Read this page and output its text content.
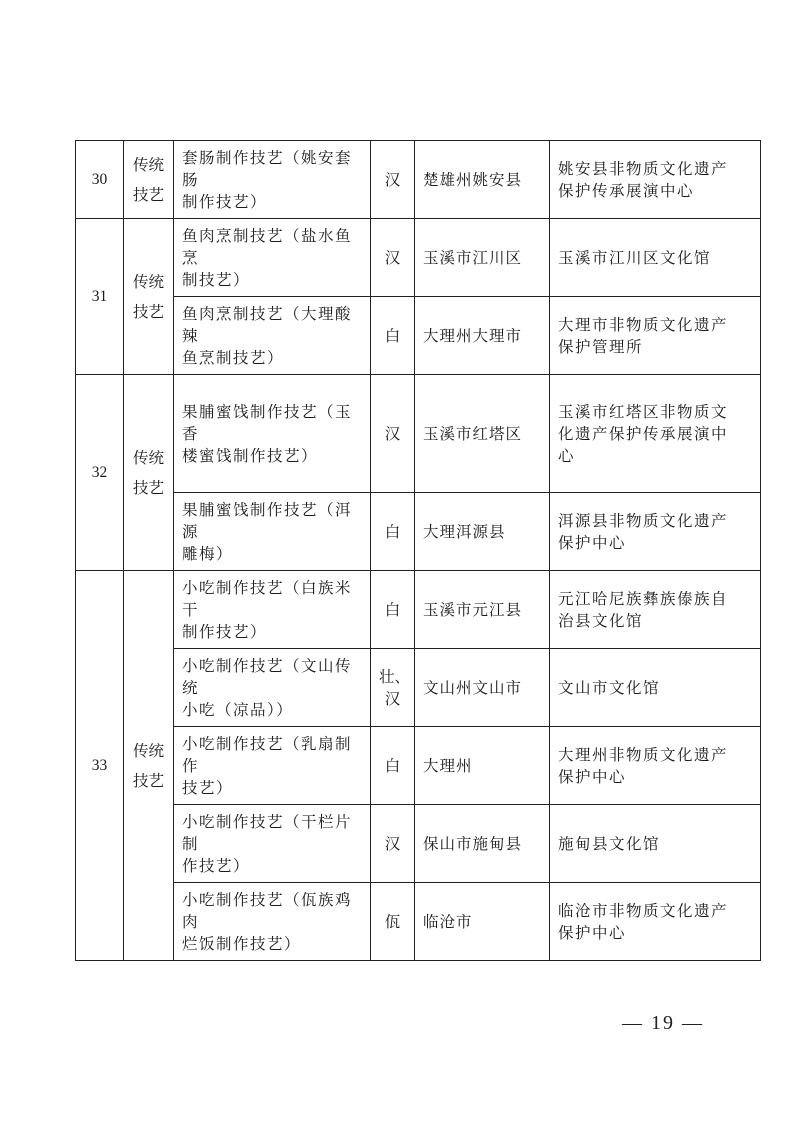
30	传统
技艺	套肠制作技艺（姚安套肠
制作技艺）	汉	楚雄州姚安县	姚安县非物质文化遗产
保护传承展演中心

31	传统
技艺	鱼肉烹制技艺（盐水鱼烹
制技艺）	汉	玉溪市江川区	玉溪市江川区文化馆

		鱼肉烹制技艺（大理酸辣
鱼烹制技艺）	白	大理州大理市	大理市非物质文化遗产
保护管理所

32	传统
技艺	果脯蜜饯制作技艺（玉香
楼蜜饯制作技艺）	汉	玉溪市红塔区	玉溪市红塔区非物质文
化遗产保护传承展演中
心

		果脯蜜饯制作技艺（洱源
雕梅）	白	大理洱源县	洱源县非物质文化遗产
保护中心

33	传统
技艺	小吃制作技艺（白族米干
制作技艺）	白	玉溪市元江县	元江哈尼族彝族傣族自
治县文化馆

		小吃制作技艺（文山传统
小吃（凉品））	壮、
汉	文山州文山市	文山市文化馆

		小吃制作技艺（乳扇制作
技艺）	白	大理州	大理州非物质文化遗产
保护中心

		小吃制作技艺（干栏片制
作技艺）	汉	保山市施甸县	施甸县文化馆

		小吃制作技艺（佤族鸡肉
烂饭制作技艺）	佤	临沧市	临沧市非物质文化遗产
保护中心
— 19 —
